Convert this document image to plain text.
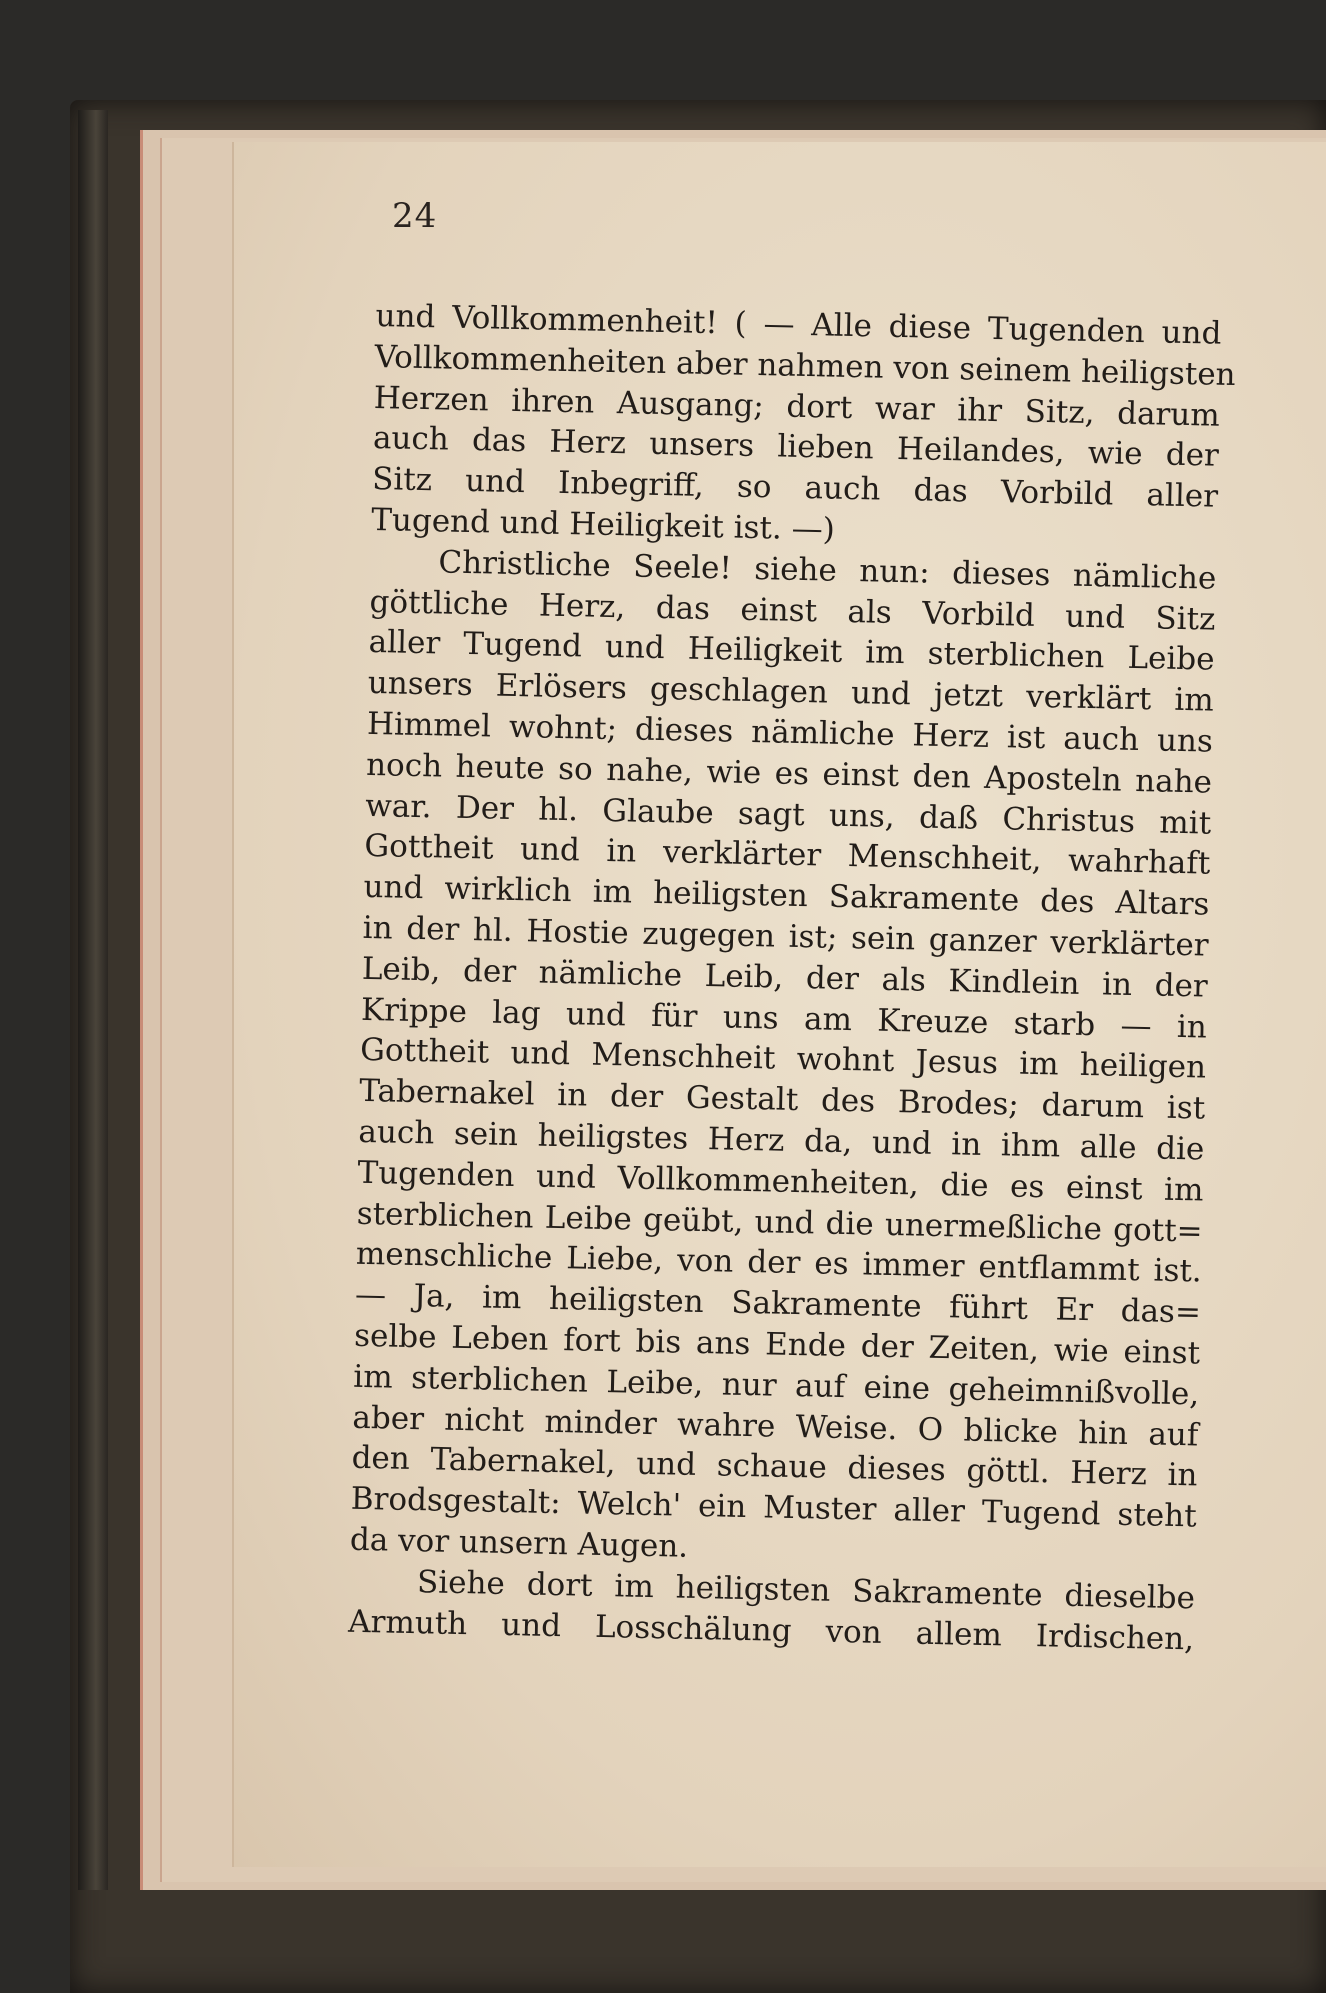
24
und Vollkommenheit! ( — Alle diese Tugenden und
Vollkommenheiten aber nahmen von seinem heiligsten
Herzen ihren Ausgang; dort war ihr Sitz, darum
auch das Herz unsers lieben Heilandes, wie der
Sitz und Inbegriff, so auch das Vorbild aller
Tugend und Heiligkeit ist. —)
Christliche Seele! siehe nun: dieses nämliche
göttliche Herz, das einst als Vorbild und Sitz
aller Tugend und Heiligkeit im sterblichen Leibe
unsers Erlösers geschlagen und jetzt verklärt im
Himmel wohnt; dieses nämliche Herz ist auch uns
noch heute so nahe, wie es einst den Aposteln nahe
war. Der hl. Glaube sagt uns, daß Christus mit
Gottheit und in verklärter Menschheit, wahrhaft
und wirklich im heiligsten Sakramente des Altars
in der hl. Hostie zugegen ist; sein ganzer verklärter
Leib, der nämliche Leib, der als Kindlein in der
Krippe lag und für uns am Kreuze starb — in
Gottheit und Menschheit wohnt Jesus im heiligen
Tabernakel in der Gestalt des Brodes; darum ist
auch sein heiligstes Herz da, und in ihm alle die
Tugenden und Vollkommenheiten, die es einst im
sterblichen Leibe geübt, und die unermeßliche gott=
menschliche Liebe, von der es immer entflammt ist.
— Ja, im heiligsten Sakramente führt Er das=
selbe Leben fort bis ans Ende der Zeiten, wie einst
im sterblichen Leibe, nur auf eine geheimnißvolle,
aber nicht minder wahre Weise. O blicke hin auf
den Tabernakel, und schaue dieses göttl. Herz in
Brodsgestalt: Welch' ein Muster aller Tugend steht
da vor unsern Augen.
Siehe dort im heiligsten Sakramente dieselbe
Armuth und Losschälung von allem Irdischen,
